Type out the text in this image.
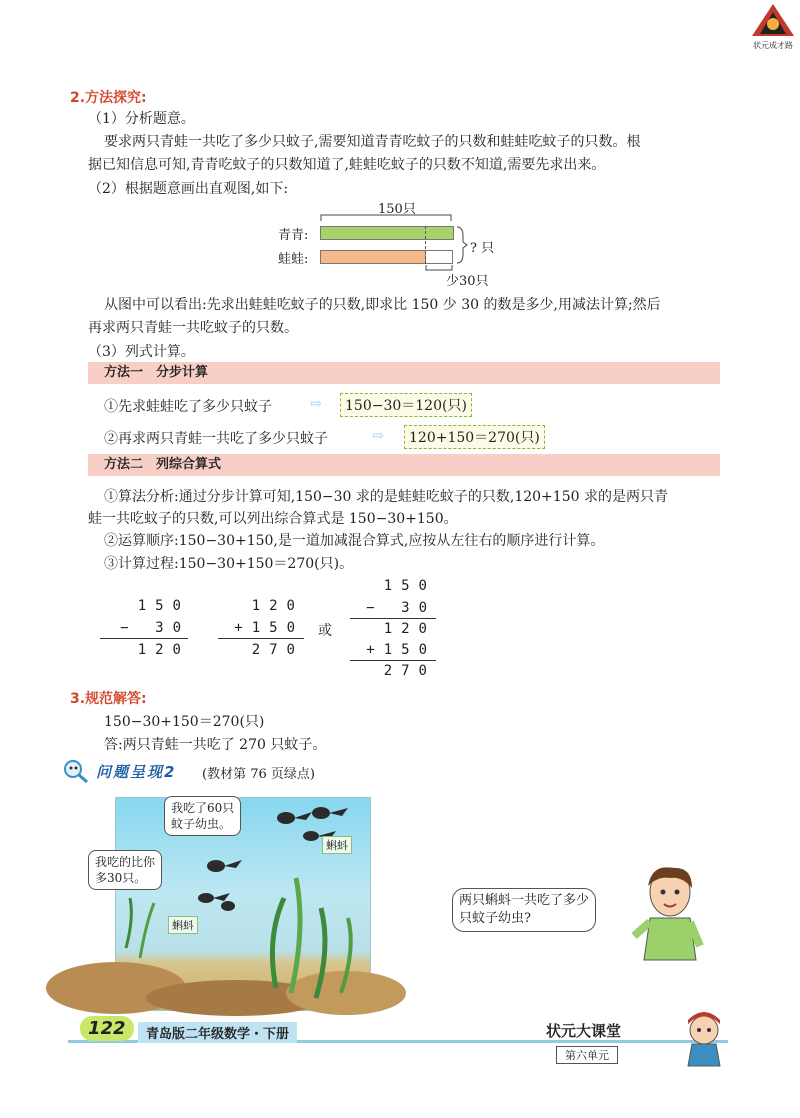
状元成才路
2.方法探究:
（1）分析题意。
要求两只青蛙一共吃了多少只蚊子,需要知道青青吃蚊子的只数和蛙蛙吃蚊子的只数。根
据已知信息可知,青青吃蚊子的只数知道了,蛙蛙吃蚊子的只数不知道,需要先求出来。
（2）根据题意画出直观图,如下:
150只
青青:
蛙蛙:
? 只
少30只
从图中可以看出:先求出蛙蛙吃蚊子的只数,即求比 150 少 30 的数是多少,用减法计算;然后
再求两只青蛙一共吃蚊子的只数。
（3）列式计算。
方法一　分步计算
①先求蛙蛙吃了多少只蚊子	⇨	150−30＝120(只)
②再求两只青蛙一共吃了多少只蚊子	⇨	120+150＝270(只)
方法二　列综合算式
①算法分析:通过分步计算可知,150−30 求的是蛙蛙吃蚊子的只数,120+150 求的是两只青
蛙一共吃蚊子的只数,可以列出综合算式是 150−30+150。
②运算顺序:150−30+150,是一道加减混合算式,应按从左往右的顺序进行计算。
③计算过程:150−30+150＝270(只)。
150
− 30
120
120
+150
270
或
150
− 30
120
+150
270
3.规范解答:
150−30+150＝270(只)
答:两只青蛙一共吃了 270 只蚊子。
问题呈现2 (教材第 76 页绿点)
我吃了60只
蚊子幼虫。
我吃的比你
多30只。
蝌蚪
蝌蚪
两只蝌蚪一共吃了多少
只蚊子幼虫?
122	青岛版二年级数学・下册	状元大课堂
第六单元
